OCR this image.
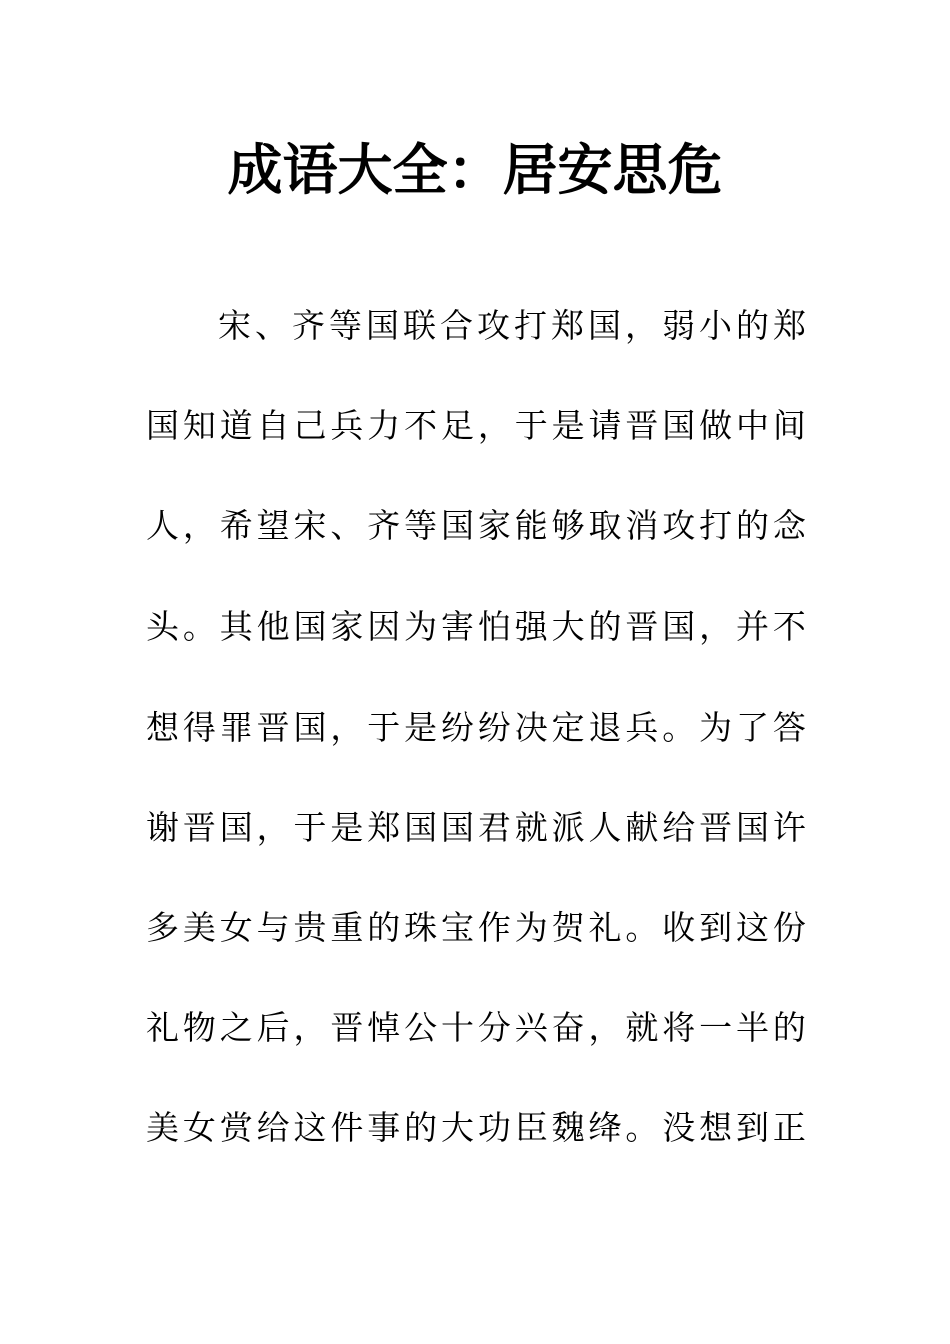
成语大全：居安思危
宋 、 齐 等 国 联 合 攻 打 郑 国 ， 弱 小 的 郑
国 知 道 自 己 兵 力 不 足 ， 于 是 请 晋 国 做 中 间
人 ， 希 望 宋 、 齐 等 国 家 能 够 取 消 攻 打 的 念
头 。 其 他 国 家 因 为 害 怕 强 大 的 晋 国 ， 并 不
想 得 罪 晋 国 ， 于 是 纷 纷 决 定 退 兵 。 为 了 答
谢 晋 国 ， 于 是 郑 国 国 君 就 派 人 献 给 晋 国 许
多 美 女 与 贵 重 的 珠 宝 作 为 贺 礼 。 收 到 这 份
礼 物 之 后 ， 晋 悼 公 十 分 兴 奋 ， 就 将 一 半 的
美 女 赏 给 这 件 事 的 大 功 臣 魏 绛 。 没 想 到 正
